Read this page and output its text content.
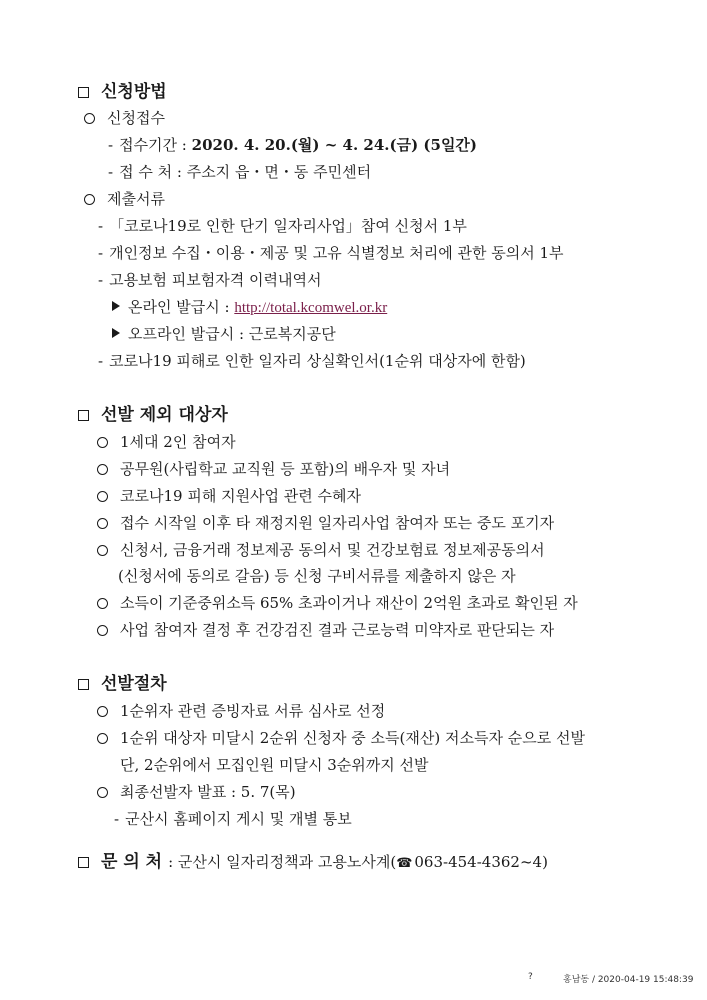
신청방법
신청접수
- 접수기간 : 2020. 4. 20.(월) ~ 4. 24.(금) (5일간)
- 접 수 처 : 주소지 읍・면・동 주민센터
제출서류
- 「코로나19로 인한 단기 일자리사업」참여 신청서 1부
- 개인정보 수집・이용・제공 및 고유 식별정보 처리에 관한 동의서 1부
- 고용보험 피보험자격 이력내역서
온라인 발급시 : http://total.kcomwel.or.kr
오프라인 발급시 : 근로복지공단
- 코로나19 피해로 인한 일자리 상실확인서(1순위 대상자에 한함)
선발 제외 대상자
1세대 2인 참여자
공무원(사립학교 교직원 등 포함)의 배우자 및 자녀
코로나19 피해 지원사업 관련 수혜자
접수 시작일 이후 타 재정지원 일자리사업 참여자 또는 중도 포기자
신청서, 금융거래 정보제공 동의서 및 건강보험료 정보제공동의서
(신청서에 동의로 갈음) 등 신청 구비서류를 제출하지 않은 자
소득이 기준중위소득 65% 초과이거나 재산이 2억원 초과로 확인된 자
사업 참여자 결정 후 건강검진 결과 근로능력 미약자로 판단되는 자
선발절차
1순위자 관련 증빙자료 서류 심사로 선정
1순위 대상자 미달시 2순위 신청자 중 소득(재산) 저소득자 순으로 선발
단, 2순위에서 모집인원 미달시 3순위까지 선발
최종선발자 발표 : 5. 7(목)
- 군산시 홈페이지 게시 및 개별 통보
문 의 처 : 군산시 일자리정책과 고용노사계(☎ 063-454-4362~4)
?	홍남동 / 2020-04-19 15:48:39
